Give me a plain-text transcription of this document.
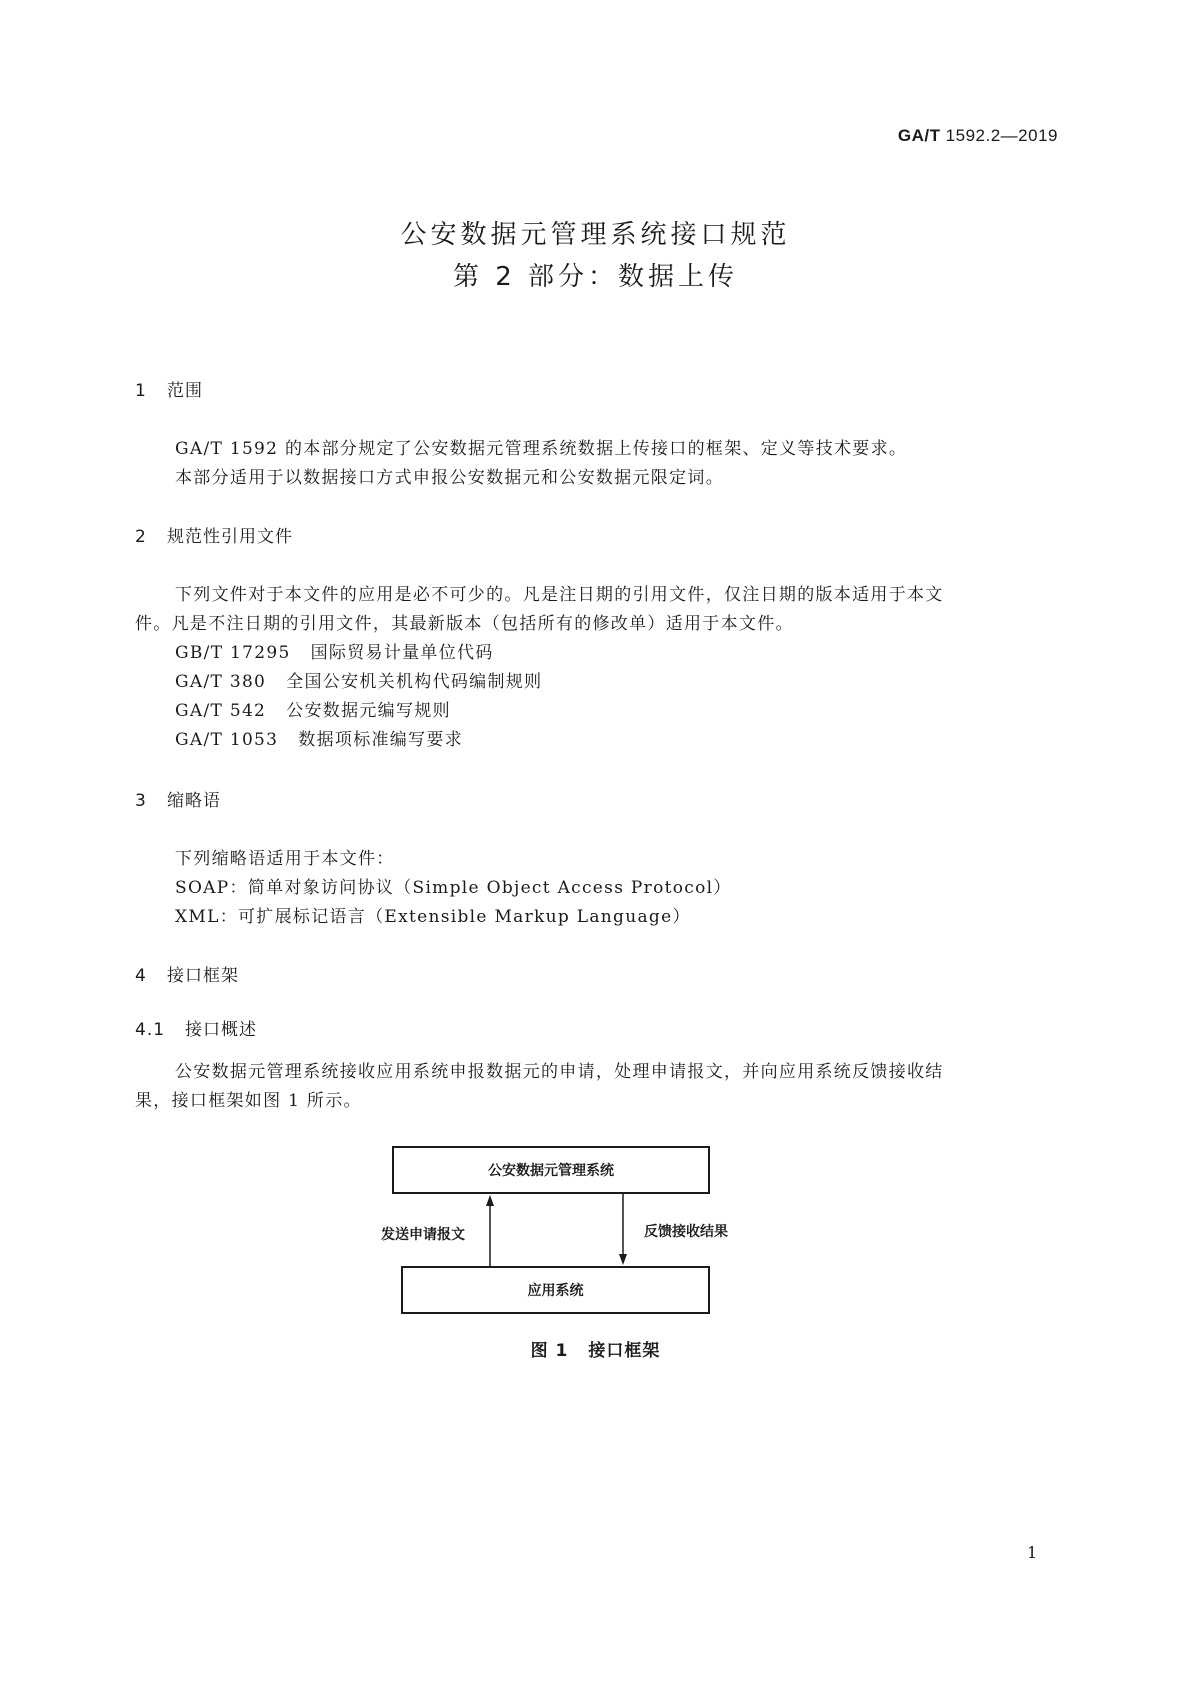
GA/T 1592.2—2019
公安数据元管理系统接口规范
第 2 部分：数据上传
1 范围
GA/T 1592 的本部分规定了公安数据元管理系统数据上传接口的框架、定义等技术要求。
本部分适用于以数据接口方式申报公安数据元和公安数据元限定词。
2 规范性引用文件
下列文件对于本文件的应用是必不可少的。凡是注日期的引用文件，仅注日期的版本适用于本文
件。凡是不注日期的引用文件，其最新版本（包括所有的修改单）适用于本文件。
GB/T 17295 国际贸易计量单位代码
GA/T 380 全国公安机关机构代码编制规则
GA/T 542 公安数据元编写规则
GA/T 1053 数据项标准编写要求
3 缩略语
下列缩略语适用于本文件：
SOAP：简单对象访问协议（Simple Object Access Protocol）
XML：可扩展标记语言（Extensible Markup Language）
4 接口框架
4.1 接口概述
公安数据元管理系统接收应用系统申报数据元的申请，处理申请报文，并向应用系统反馈接收结
果，接口框架如图 1 所示。
公安数据元管理系统
应用系统
发送申请报文	反馈接收结果
图 1 接口框架
1
